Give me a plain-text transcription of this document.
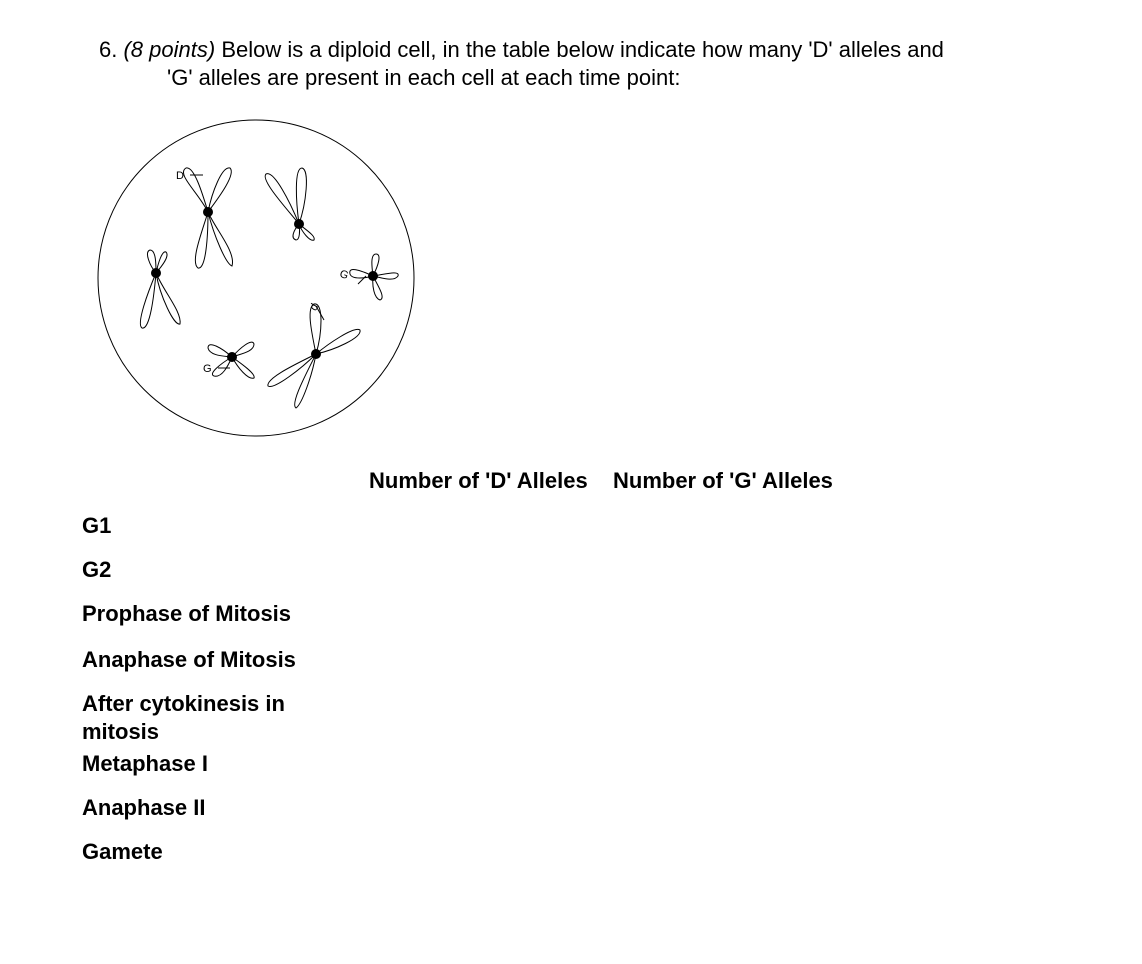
6. (8 points) Below is a diploid cell, in the table below indicate how many 'D' alleles and
'G' alleles are present in each cell at each time point:
D
G
G
d
Number of 'D' Alleles Number of 'G' Alleles
G1
G2
Prophase of Mitosis
Anaphase of Mitosis
After cytokinesis in mitosis
Metaphase I
Anaphase II
Gamete
